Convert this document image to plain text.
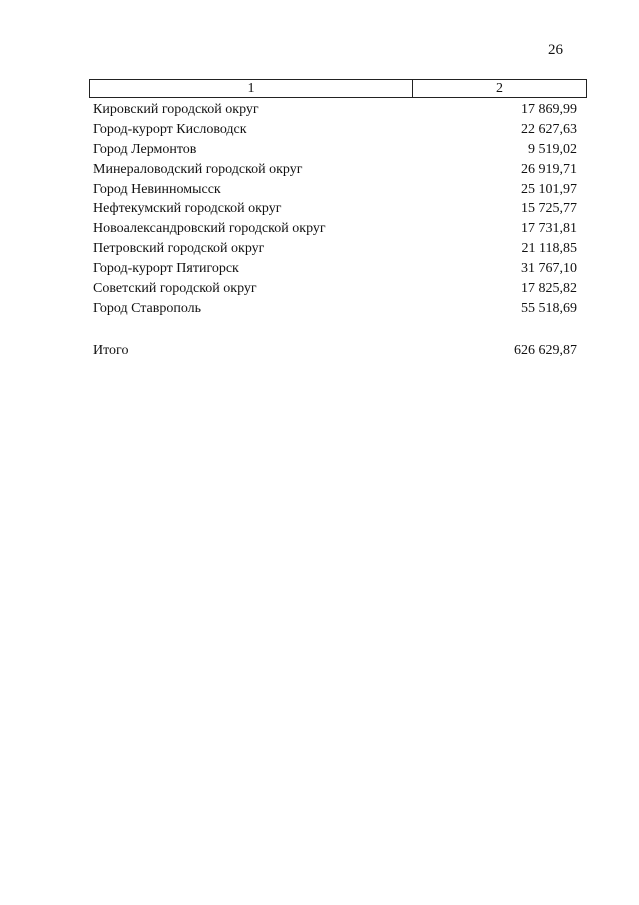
26
1	2
Кировский городской округ	17 869,99
Город-курорт Кисловодск	22 627,63
Город Лермонтов	9 519,02
Минераловодский городской округ	26 919,71
Город Невинномысск	25 101,97
Нефтекумский городской округ	15 725,77
Новоалександровский городской округ	17 731,81
Петровский городской округ	21 118,85
Город-курорт Пятигорск	31 767,10
Советский городской округ	17 825,82
Город Ставрополь	55 518,69
Итого	626 629,87
